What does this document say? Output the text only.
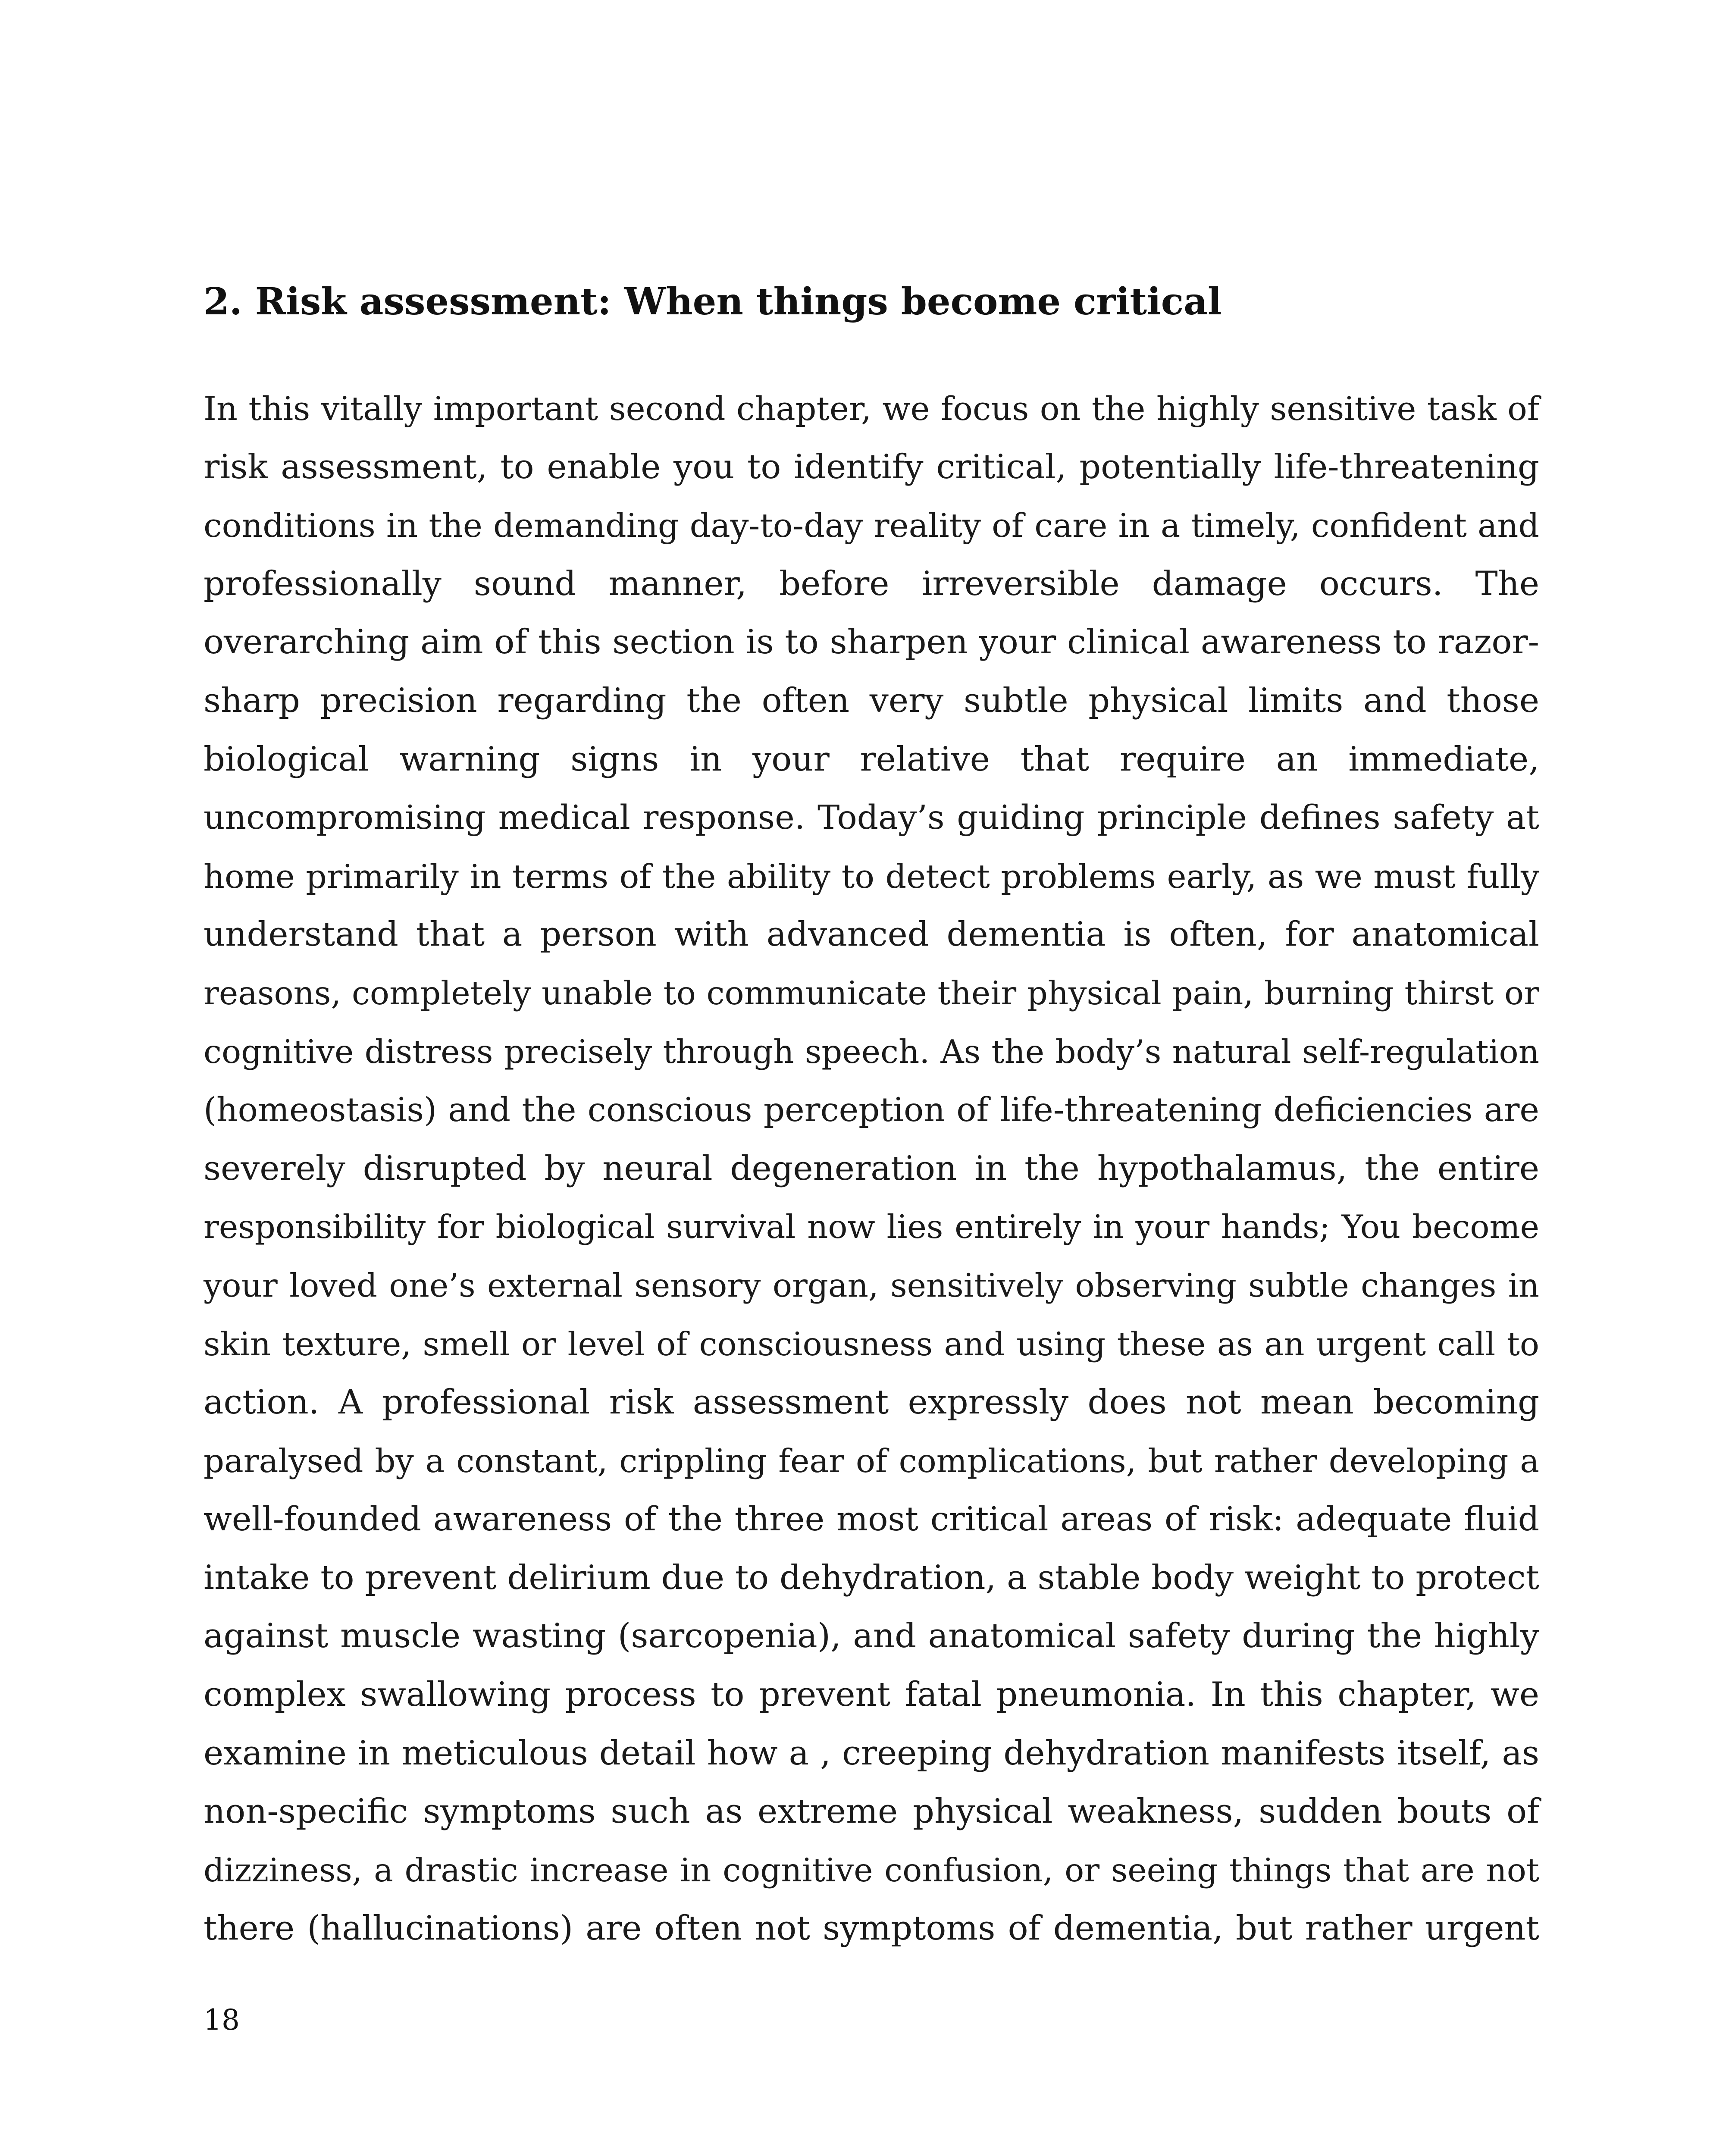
2. Risk assessment: When things become critical
In this vitally important second chapter, we focus on the highly sensitive task of
risk assessment, to enable you to identify critical, potentially life-threatening
conditions in the demanding day-to-day reality of care in a timely, confident and
professionally sound manner, before irreversible damage occurs. The
overarching aim of this section is to sharpen your clinical awareness to razor-
sharp precision regarding the often very subtle physical limits and those
biological warning signs in your relative that require an immediate,
uncompromising medical response. Today’s guiding principle defines safety at
home primarily in terms of the ability to detect problems early, as we must fully
understand that a person with advanced dementia is often, for anatomical
reasons, completely unable to communicate their physical pain, burning thirst or
cognitive distress precisely through speech. As the body’s natural self-regulation
(homeostasis) and the conscious perception of life-threatening deficiencies are
severely disrupted by neural degeneration in the hypothalamus, the entire
responsibility for biological survival now lies entirely in your hands; You become
your loved one’s external sensory organ, sensitively observing subtle changes in
skin texture, smell or level of consciousness and using these as an urgent call to
action. A professional risk assessment expressly does not mean becoming
paralysed by a constant, crippling fear of complications, but rather developing a
well-founded awareness of the three most critical areas of risk: adequate fluid
intake to prevent delirium due to dehydration, a stable body weight to protect
against muscle wasting (sarcopenia), and anatomical safety during the highly
complex swallowing process to prevent fatal pneumonia. In this chapter, we
examine in meticulous detail how a , creeping dehydration manifests itself, as
non-specific symptoms such as extreme physical weakness, sudden bouts of
dizziness, a drastic increase in cognitive confusion, or seeing things that are not
there (hallucinations) are often not symptoms of dementia, but rather urgent
18
